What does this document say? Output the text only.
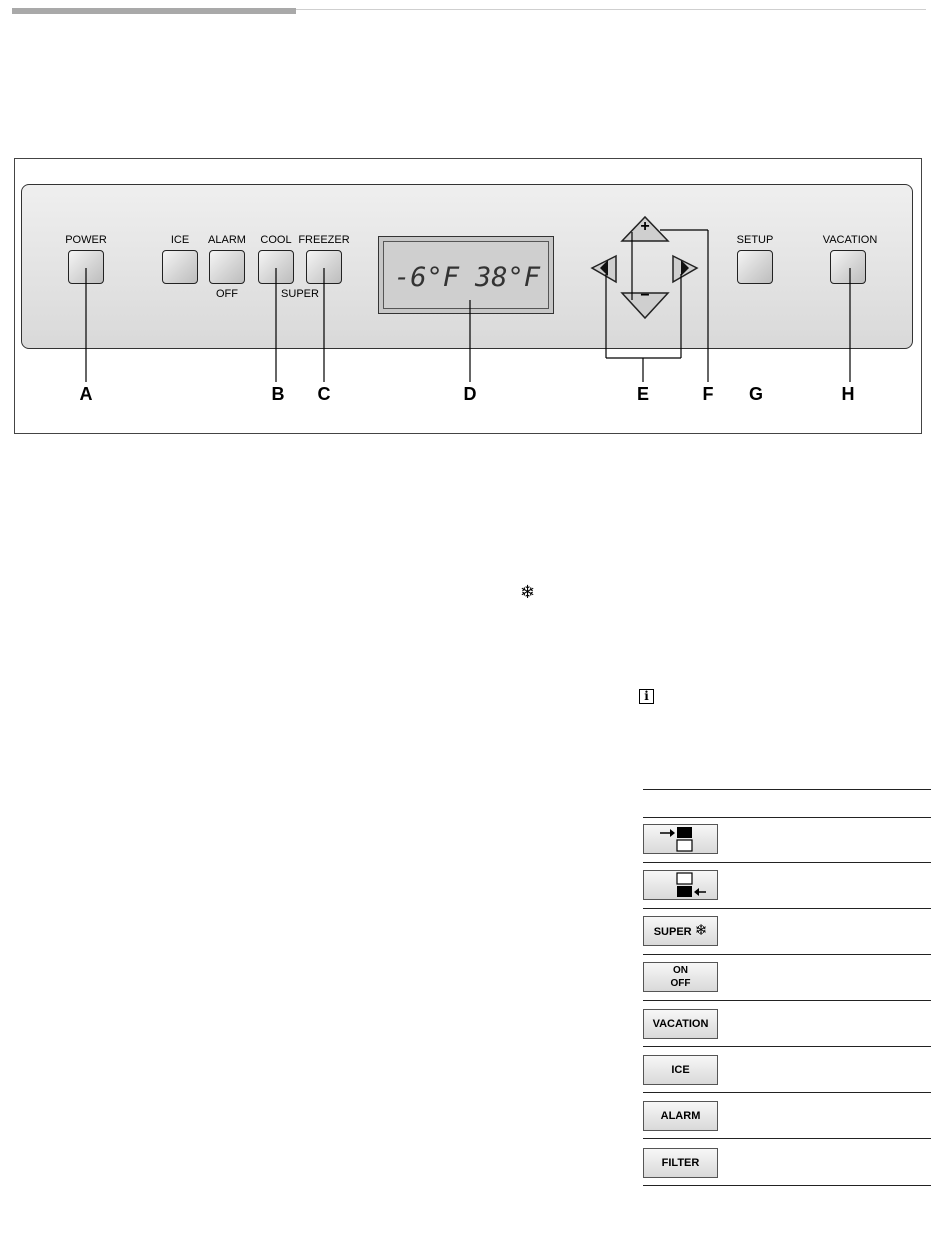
POWER	ICE ALARM
OFF
COOL FREEZER
SUPER
SETUP	VACATION
-6°F 38°F
+
−
A	B C	D	E	F G	H
❄
i
SUPER ❄
ON
OFF
VACATION
ICE
ALARM
FILTER
